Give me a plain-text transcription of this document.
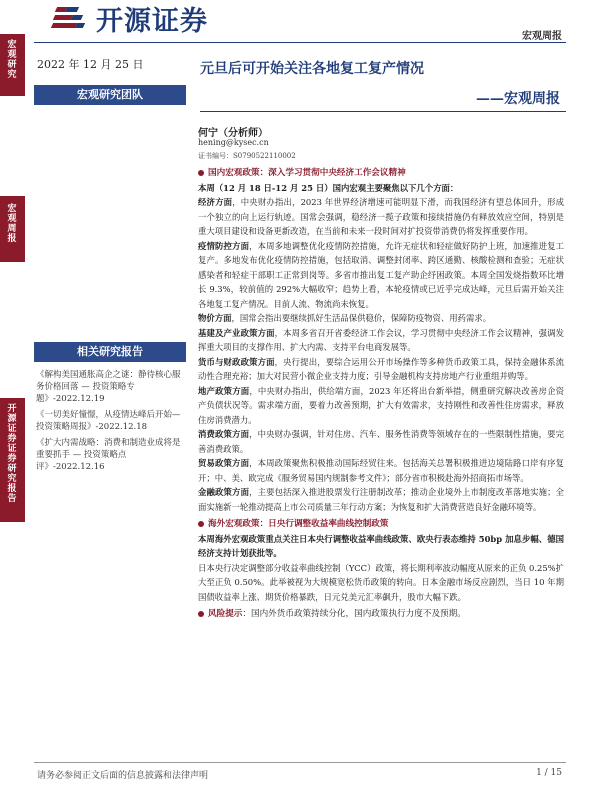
开源证券	宏观周报
宏观研究
宏观周报
开源证券 证券研究报告
2022 年 12 月 25 日
宏观研究团队
元旦后可开始关注各地复工复产情况
——宏观周报
何宁（分析师）
hening@kysec.cn
证书编号：S0790522110002
相关研究报告
《解构美国通胀高企之谜：静待核心服务价格回落 — 投资策略专题》-2022.12.19
《一切美好憧憬，从疫情达峰后开始—投资策略周报》-2022.12.18
《扩大内需战略：消费和制造业成将是重要抓手 — 投资策略点评》-2022.12.16
国内宏观政策：深入学习贯彻中央经济工作会议精神
本周（12 月 18 日-12 月 25 日）国内宏观主要聚焦以下几个方面：
经济方面，中央财办指出，2023 年世界经济增速可能明显下滑，而我国经济有望总体回升，形成一个独立的向上运行轨迹。国常会强调，稳经济一揽子政策和接续措施仍有释放效应空间，特别是重大项目建设和设备更新改造，在当前和未来一段时间对扩投资带消费仍将发挥重要作用。
疫情防控方面，本周多地调整优化疫情防控措施，允许无症状和轻症做好防护上班，加速推进复工复产。多地发布优化疫情防控措施，包括取消、调整封闭率、跨区通勤、核酸检测和查验；无症状感染者和轻症干部职工正常到岗等。多省市推出复工复产助企纾困政策。本周全国发烧指数环比增长 9.3%，较前值的 292%大幅收窄；趋势上看，本轮疫情或已近乎完成达峰，元旦后需开始关注各地复工复产情况。目前人流、物流尚未恢复。
物价方面，国常会指出要继续抓好生活品保供稳价，保障防疫物资、用药需求。
基建及产业政策方面，本周多省召开省委经济工作会议，学习贯彻中央经济工作会议精神，强调发挥重大项目的支撑作用、扩大内需、支持平台电商发展等。
货币与财政政策方面，央行提出，要综合运用公开市场操作等多种货币政策工具，保持金融体系流动性合理充裕；加大对民营小微企业支持力度；引导金融机构支持房地产行业重组并购等。
地产政策方面，中央财办指出，供给端方面，2023 年还将出台新举措，侧重研究解决改善房企资产负债状况等。需求端方面，要着力改善预期，扩大有效需求，支持刚性和改善性住房需求，释放住房消费潜力。
消费政策方面，中央财办强调，针对住房、汽车、服务性消费等领域存在的一些限制性措施，要完善消费政策。
贸易政策方面，本周政策聚焦积极推动国际经贸往来。包括海关总署积极推进边境陆路口岸有序复开；中、美、欧完成《服务贸易国内规制参考文件》；部分省市积极赴海外招商拓市场等。
金融政策方面，主要包括深入推进股票发行注册制改革；推动企业境外上市制度改革落地实施；全面实施新一轮推动提高上市公司质量三年行动方案；为恢复和扩大消费营造良好金融环境等。
海外宏观政策：日央行调整收益率曲线控制政策
本周海外宏观政策重点关注日本央行调整收益率曲线政策、欧央行表态维持 50bp 加息步幅、德国经济支持计划获批等。
日本央行决定调整部分收益率曲线控制（YCC）政策，将长期利率波动幅度从原来的正负 0.25%扩大至正负 0.50%。此举被视为大规模宽松货币政策的转向。日本金融市场反应剧烈，当日 10 年期国债收益率上涨、期货价格暴跌，日元兑美元汇率飙升，股市大幅下跌。
风险提示 ：国内外货币政策持续分化，国内政策执行力度不及预期。
请务必参阅正文后面的信息披露和法律声明	1 / 15
